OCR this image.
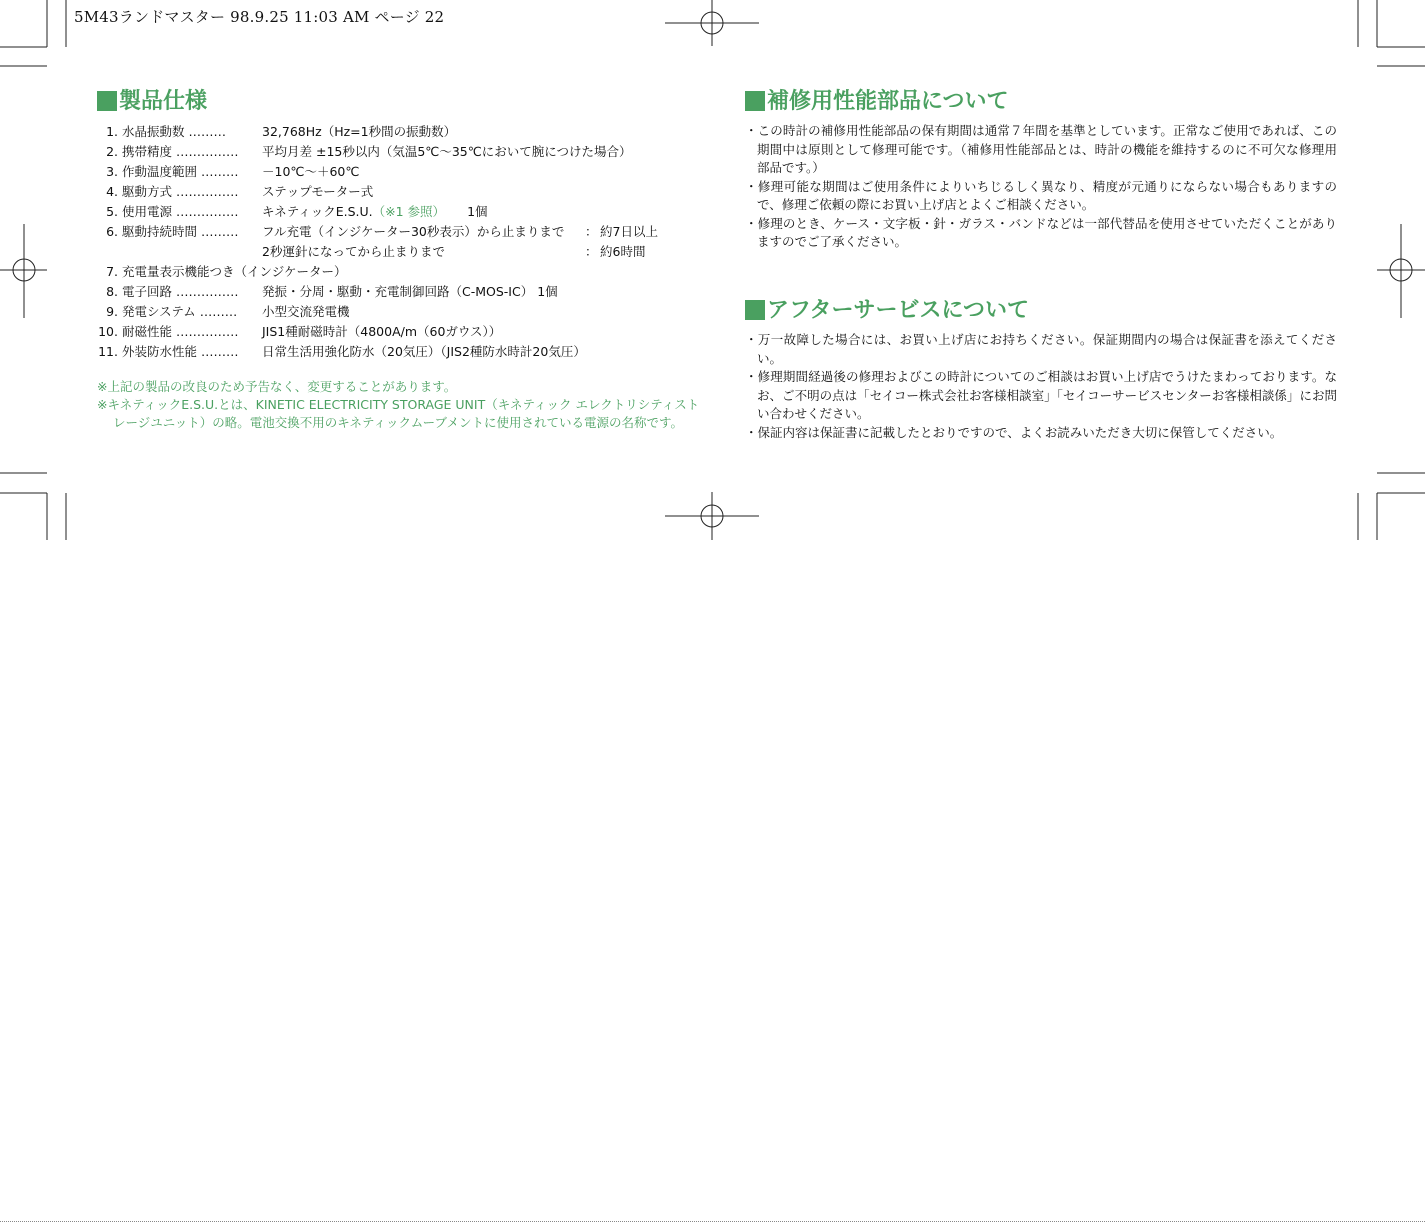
5M43ランドマスター 98.9.25 11:03 AM ページ 22
製品仕様
1. 水晶振動数 ………	32,768Hz（Hz=1秒間の振動数）
2. 携帯精度 …………… 平均月差 ±15秒以内（気温5℃～35℃において腕につけた場合）
3. 作動温度範囲 ……… －10℃～＋60℃
4. 駆動方式 …………… ステップモーター式
5. 使用電源 …………… キネティックE.S.U.（※1 参照） 1個
6. 駆動持続時間 ……… フル充電（インジケーター30秒表示）から止まりまで ： 約7日以上
2秒運針になってから止まりまで	： 約6時間
7. 充電量表示機能つき（インジケーター）
8. 電子回路 …………… 発振・分周・駆動・充電制御回路（C-MOS-IC） 1個
9. 発電システム ……… 小型交流発電機
10. 耐磁性能 …………… JIS1種耐磁時計（4800A/m（60ガウス））
11. 外装防水性能 ……… 日常生活用強化防水（20気圧）（JIS2種防水時計20気圧）

※上記の製品の改良のため予告なく、変更することがあります。

※キネティックE.S.U.とは、KINETIC ELECTRICITY STORAGE UNIT（キネティック エレクトリシティストレージユニット）の略。電池交換不用のキネティックムーブメントに使用されている電源の名称です。

補修用性能部品について

・この時計の補修用性能部品の保有期間は通常７年間を基準としています。正常なご使用であれば、この期間中は原則として修理可能です。（補修用性能部品とは、時計の機能を維持するのに不可欠な修理用部品です。）

・修理可能な期間はご使用条件によりいちじるしく異なり、精度が元通りにならない場合もありますので、修理ご依頼の際にお買い上げ店とよくご相談ください。

・修理のとき、ケース・文字板・針・ガラス・バンドなどは一部代替品を使用させていただくことがありますのでご了承ください。

アフターサービスについて

・万一故障した場合には、お買い上げ店にお持ちください。保証期間内の場合は保証書を添えてください。

・修理期間経過後の修理およびこの時計についてのご相談はお買い上げ店でうけたまわっております。なお、ご不明の点は「セイコー株式会社お客様相談室」「セイコーサービスセンターお客様相談係」にお問い合わせください。

・保証内容は保証書に記載したとおりですので、よくお読みいただき大切に保管してください。
